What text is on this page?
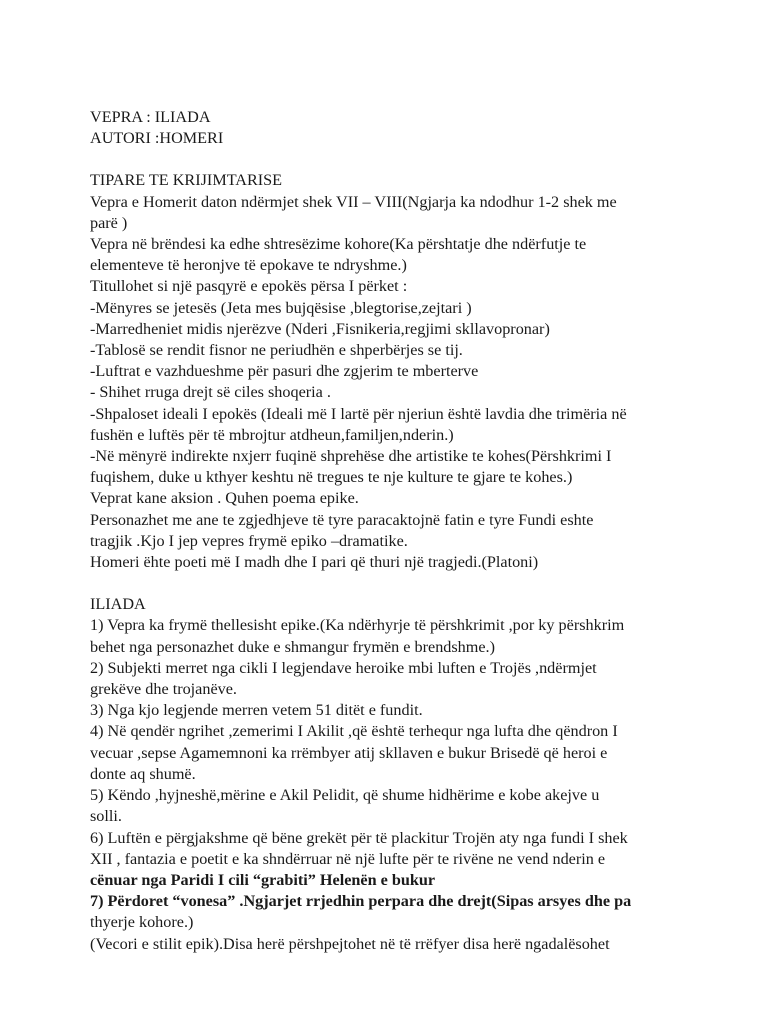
VEPRA : ILIADA
AUTORI :HOMERI
TIPARE TE KRIJIMTARISE
Vepra e Homerit daton ndërmjet shek VII – VIII(Ngjarja ka ndodhur 1-2 shek me
parë )
Vepra në brëndesi ka edhe shtresëzime kohore(Ka përshtatje dhe ndërfutje te
elementeve të heronjve të epokave te ndryshme.)
Titullohet si një pasqyrë e epokës përsa I përket :
-Mënyres se jetesës (Jeta mes bujqësise ,blegtorise,zejtari )
-Marredheniet midis njerëzve (Nderi ,Fisnikeria,regjimi skllavopronar)
-Tablosë se rendit fisnor ne periudhën e shperbërjes se tij.
-Luftrat e vazhdueshme për pasuri dhe zgjerim te mberterve
- Shihet rruga drejt së ciles shoqeria .
-Shpaloset ideali I epokës (Ideali më I lartë për njeriun është lavdia dhe trimëria në
fushën e luftës për të mbrojtur atdheun,familjen,nderin.)
-Në mënyrë indirekte nxjerr fuqinë shprehëse dhe artistike te kohes(Përshkrimi I
fuqishem, duke u kthyer keshtu në tregues te nje kulture te gjare te kohes.)
Veprat kane aksion . Quhen poema epike.
Personazhet me ane te zgjedhjeve të tyre paracaktojnë fatin e tyre Fundi eshte
tragjik .Kjo I jep vepres frymë epiko –dramatike.
Homeri ëhte poeti më I madh dhe I pari që thuri një tragjedi.(Platoni)
ILIADA
1) Vepra ka frymë thellesisht epike.(Ka ndërhyrje të përshkrimit ,por ky përshkrim
behet nga personazhet duke e shmangur frymën e brendshme.)
2) Subjekti merret nga cikli I legjendave heroike mbi luften e Trojës ,ndërmjet
grekëve dhe trojanëve.
3) Nga kjo legjende merren vetem 51 ditët e fundit.
4) Në qendër ngrihet ,zemerimi I Akilit ,që është terhequr nga lufta dhe qëndron I
vecuar ,sepse Agamemnoni ka rrëmbyer atij skllaven e bukur Brisedë që heroi e
donte aq shumë.
5) Këndo ,hyjneshë,mërine e Akil Pelidit, që shume hidhërime e kobe akejve u
solli.
6) Luftën e përgjakshme që bëne grekët për të plackitur Trojën aty nga fundi I shek
XII , fantazia e poetit e ka shndërruar në një lufte për te rivëne ne vend nderin e
cënuar nga Paridi I cili “grabiti” Helenën e bukur
7) Përdoret “vonesa” .Ngjarjet rrjedhin perpara dhe drejt(Sipas arsyes dhe pa
thyerje kohore.)
(Vecori e stilit epik).Disa herë përshpejtohet në të rrëfyer disa herë ngadalësohet
